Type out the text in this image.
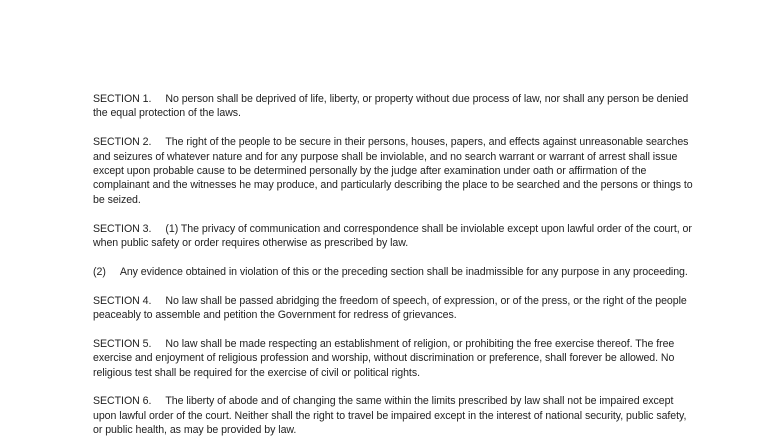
SECTION 1. No person shall be deprived of life, liberty, or property without due process of law, nor shall any person be denied the equal protection of the laws.

SECTION 2. The right of the people to be secure in their persons, houses, papers, and effects against unreasonable searches and seizures of whatever nature and for any purpose shall be inviolable, and no search warrant or warrant of arrest shall issue except upon probable cause to be determined personally by the judge after examination under oath or affirmation of the complainant and the witnesses he may produce, and particularly describing the place to be searched and the persons or things to be seized.

SECTION 3. (1) The privacy of communication and correspondence shall be inviolable except upon lawful order of the court, or when public safety or order requires otherwise as prescribed by law.

(2) Any evidence obtained in violation of this or the preceding section shall be inadmissible for any purpose in any proceeding.

SECTION 4. No law shall be passed abridging the freedom of speech, of expression, or of the press, or the right of the people peaceably to assemble and petition the Government for redress of grievances.

SECTION 5. No law shall be made respecting an establishment of religion, or prohibiting the free exercise thereof. The free exercise and enjoyment of religious profession and worship, without discrimination or preference, shall forever be allowed. No religious test shall be required for the exercise of civil or political rights.

SECTION 6. The liberty of abode and of changing the same within the limits prescribed by law shall not be impaired except upon lawful order of the court. Neither shall the right to travel be impaired except in the interest of national security, public safety, or public health, as may be provided by law.
